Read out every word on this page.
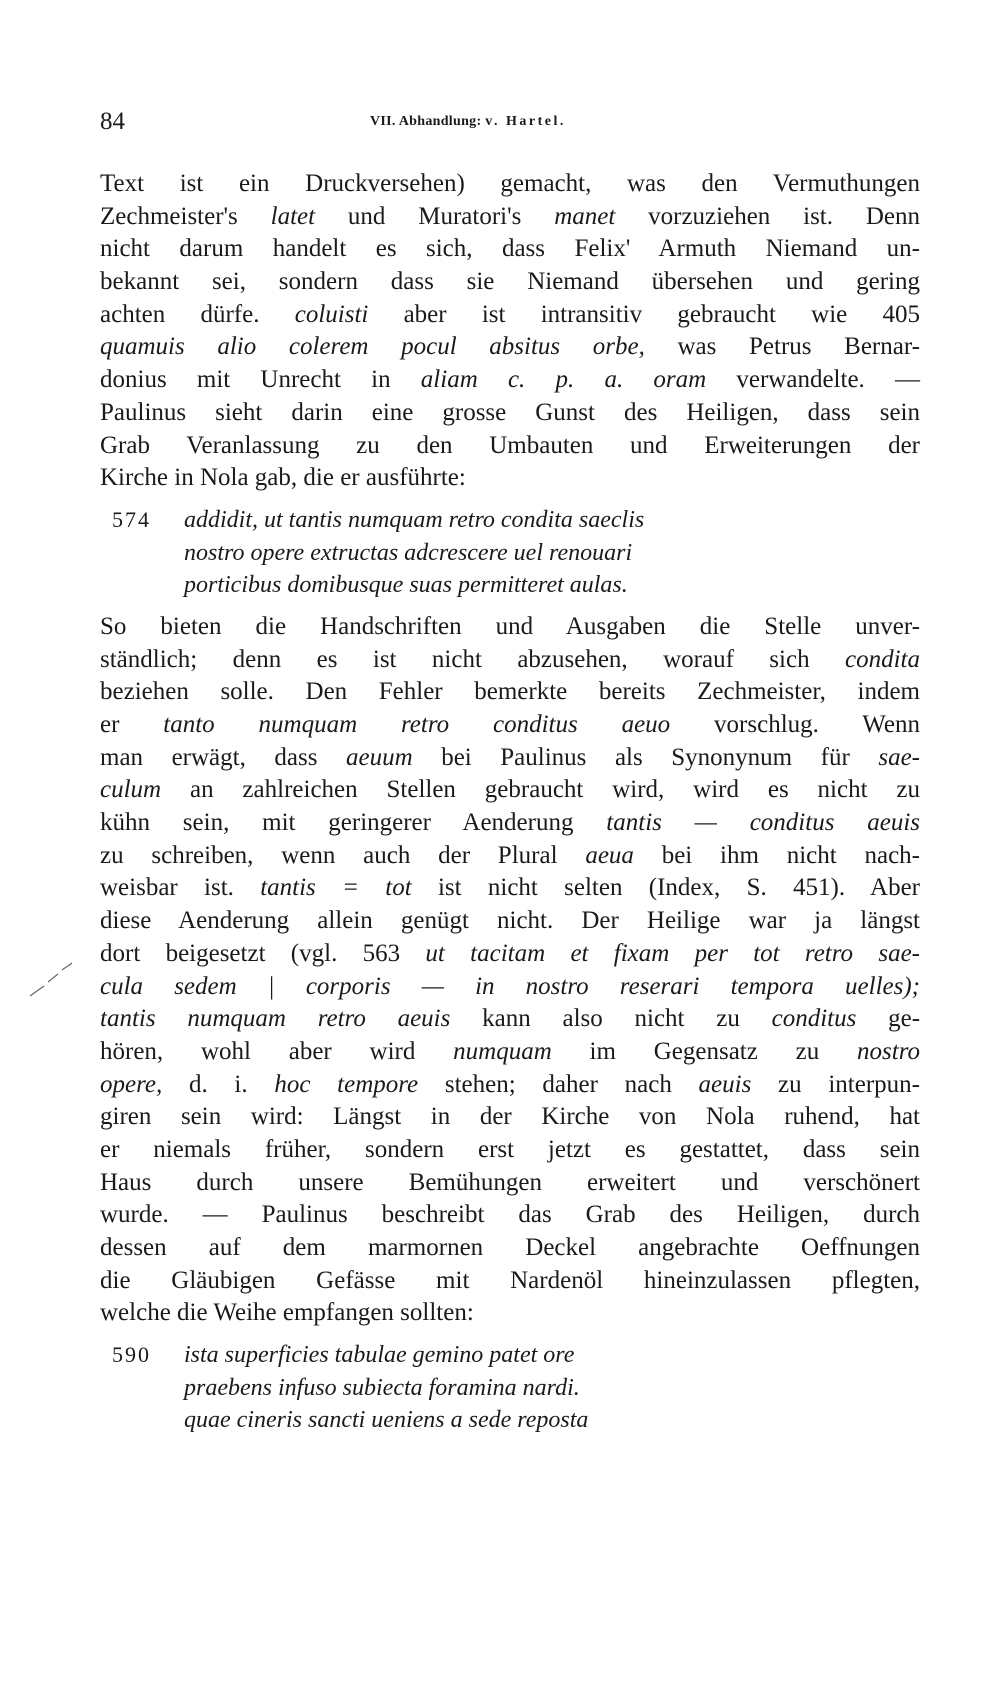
84	VII. Abhandlung: v. Hartel.
Text ist ein Druckversehen) gemacht, was den Vermuthungen
Zechmeister's latet und Muratori's manet vorzuziehen ist. Denn
nicht darum handelt es sich, dass Felix' Armuth Niemand un-
bekannt sei, sondern dass sie Niemand übersehen und gering
achten dürfe. coluisti aber ist intransitiv gebraucht wie 405
quamuis alio colerem pocul absitus orbe, was Petrus Bernar-
donius mit Unrecht in aliam c. p. a. oram verwandelte. —
Paulinus sieht darin eine grosse Gunst des Heiligen, dass sein
Grab Veranlassung zu den Umbauten und Erweiterungen der
Kirche in Nola gab, die er ausführte:
574 addidit, ut tantis numquam retro condita saeclis
nostro opere extructas adcrescere uel renouari
porticibus domibusque suas permitteret aulas.
So bieten die Handschriften und Ausgaben die Stelle unver-
ständlich; denn es ist nicht abzusehen, worauf sich condita
beziehen solle. Den Fehler bemerkte bereits Zechmeister, indem
er tanto numquam retro conditus aeuo vorschlug. Wenn
man erwägt, dass aeuum bei Paulinus als Synonynum für sae-
culum an zahlreichen Stellen gebraucht wird, wird es nicht zu
kühn sein, mit geringerer Aenderung tantis — conditus aeuis
zu schreiben, wenn auch der Plural aeua bei ihm nicht nach-
weisbar ist. tantis = tot ist nicht selten (Index, S. 451). Aber
diese Aenderung allein genügt nicht. Der Heilige war ja längst
dort beigesetzt (vgl. 563 ut tacitam et fixam per tot retro sae-
cula sedem | corporis — in nostro reserari tempora uelles);
tantis numquam retro aeuis kann also nicht zu conditus ge-
hören, wohl aber wird numquam im Gegensatz zu nostro
opere, d. i. hoc tempore stehen; daher nach aeuis zu interpun-
giren sein wird: Längst in der Kirche von Nola ruhend, hat
er niemals früher, sondern erst jetzt es gestattet, dass sein
Haus durch unsere Bemühungen erweitert und verschönert
wurde. — Paulinus beschreibt das Grab des Heiligen, durch
dessen auf dem marmornen Deckel angebrachte Oeffnungen
die Gläubigen Gefässe mit Nardenöl hineinzulassen pflegten,
welche die Weihe empfangen sollten:
590 ista superficies tabulae gemino patet ore
praebens infuso subiecta foramina nardi.
quae cineris sancti ueniens a sede reposta
